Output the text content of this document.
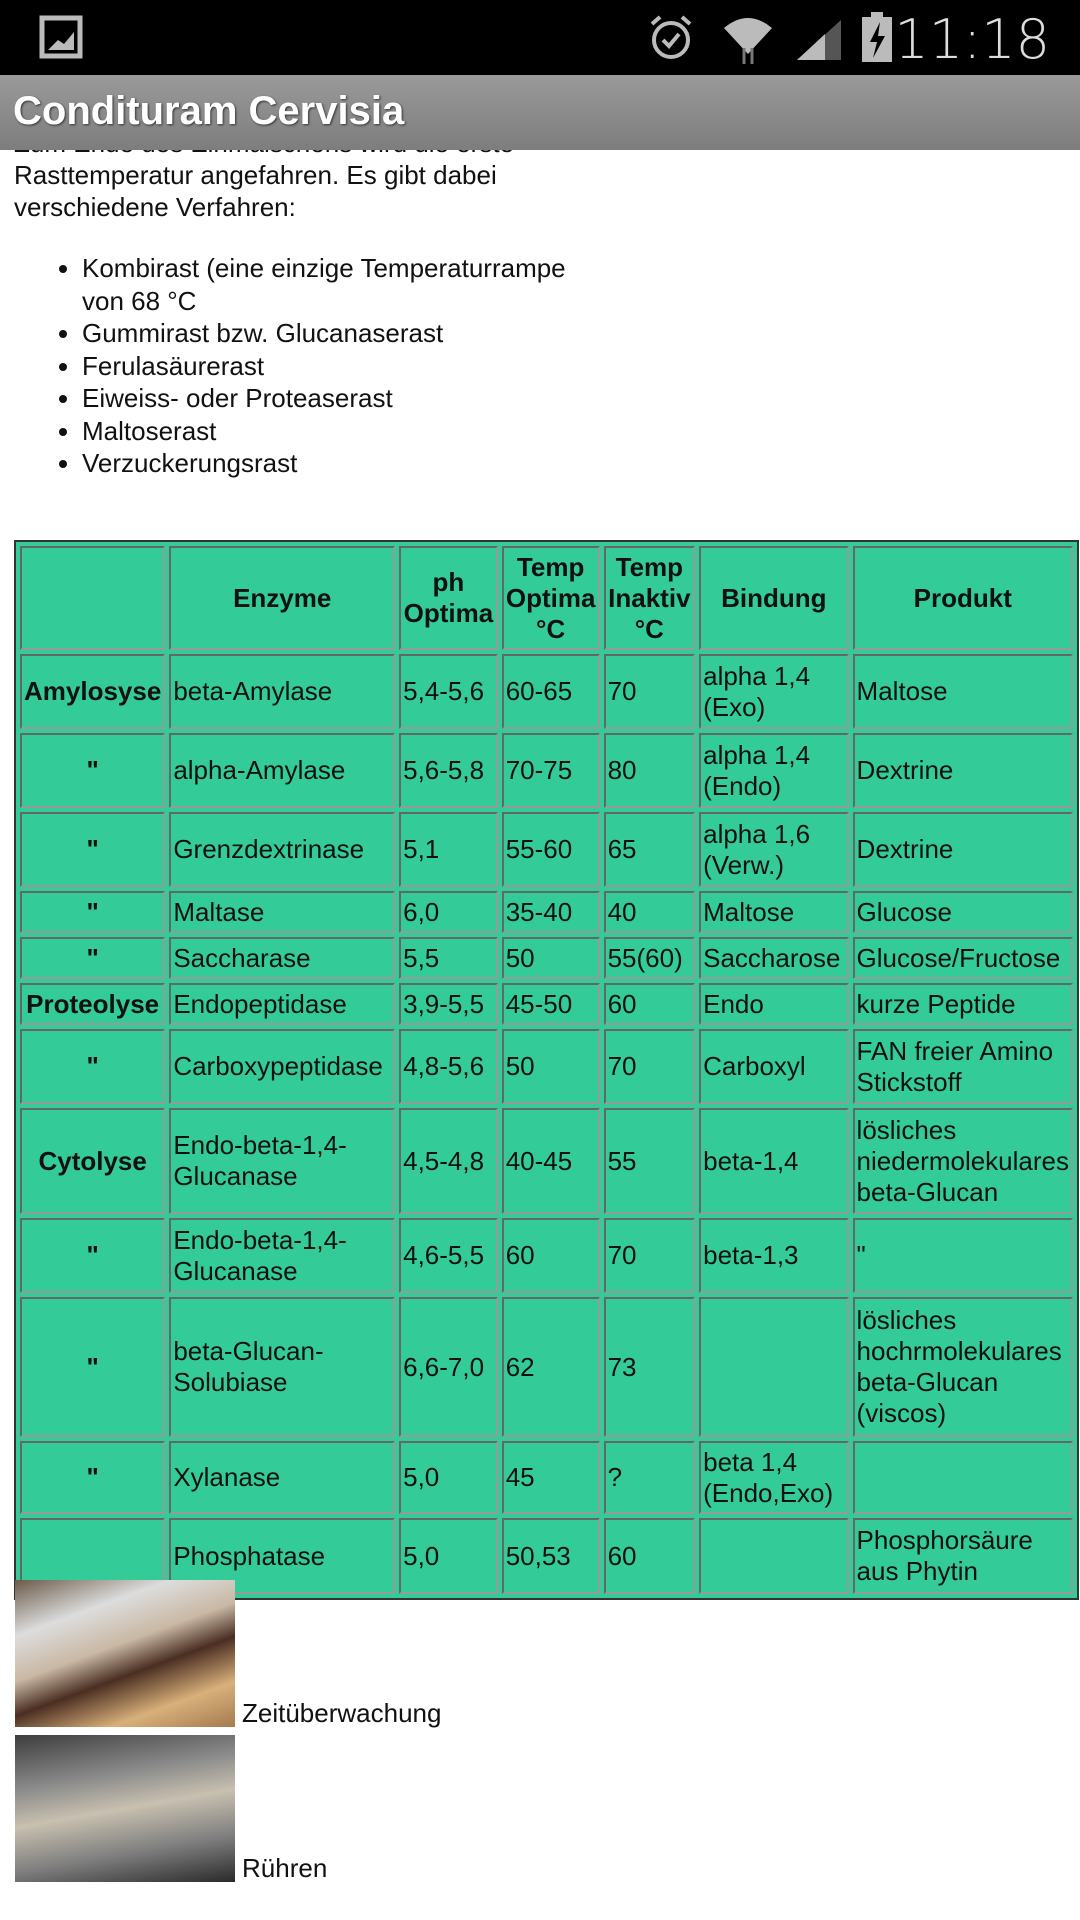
11:18
Condituram Cervisia
Rasttemperatur angefahren. Es gibt dabei verschiedene Verfahren:
• Kombirast (eine einzige Temperaturrampe von 68 °C
• Gummirast bzw. Glucanaserast
• Ferulasäurerast
• Eiweiss- oder Proteaserast
• Maltoserast
• Verzuckerungsrast
	Enzyme	ph Optima	Temp Optima °C	Temp Inaktiv °C	Bindung	Produkt
Amylosyse	beta-Amylase	5,4-5,6	60-65	70	alpha 1,4 (Exo)	Maltose
"	alpha-Amylase	5,6-5,8	70-75	80	alpha 1,4 (Endo)	Dextrine
"	Grenzdextrinase	5,1	55-60	65	alpha 1,6 (Verw.)	Dextrine
"	Maltase	6,0	35-40	40	Maltose	Glucose
"	Saccharase	5,5	50	55(60)	Saccharose	Glucose/Fructose
Proteolyse	Endopeptidase	3,9-5,5	45-50	60	Endo	kurze Peptide
"	Carboxypeptidase	4,8-5,6	50	70	Carboxyl	FAN freier Amino Stickstoff
Cytolyse	Endo-beta-1,4-Glucanase	4,5-4,8	40-45	55	beta-1,4	lösliches niedermolekulares beta-Glucan
"	Endo-beta-1,4-Glucanase	4,6-5,5	60	70	beta-1,3	"
"	beta-Glucan-Solubiase	6,6-7,0	62	73		lösliches hochrmolekulares beta-Glucan (viscos)
"	Xylanase	5,0	45	?	beta 1,4 (Endo,Exo)	
	Phosphatase	5,0	50,53	60		Phosphorsäure aus Phytin
Zeitüberwachung
Rühren
